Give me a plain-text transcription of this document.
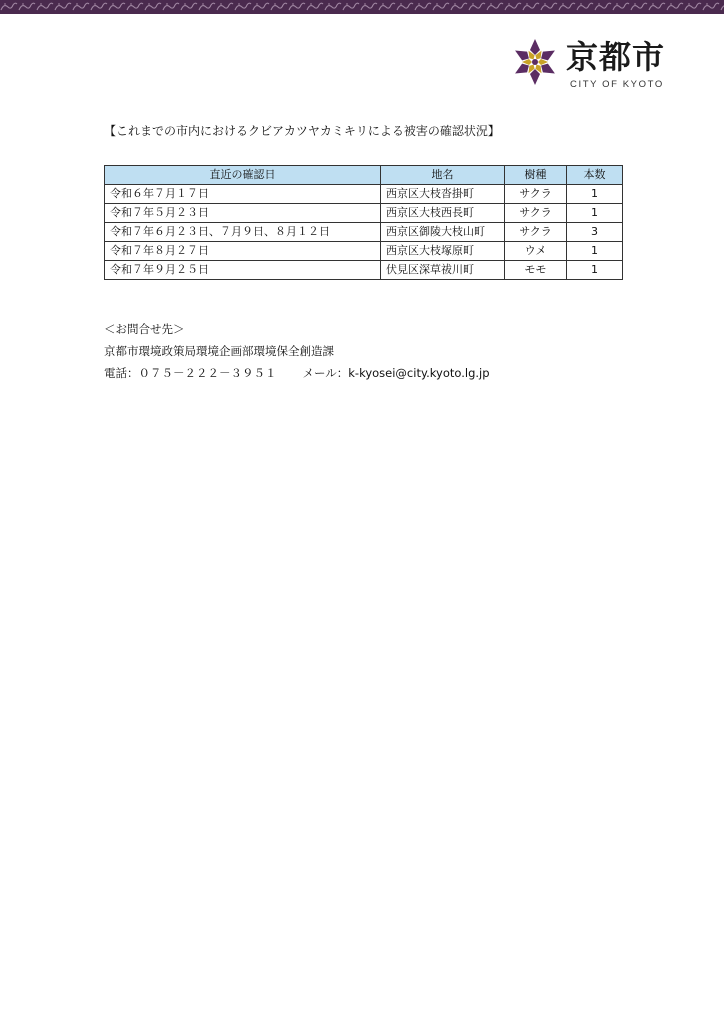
京都市
CITY OF KYOTO
【これまでの市内におけるクビアカツヤカミキリによる被害の確認状況】
直近の確認日	地名	樹種	本数
令和６年７月１７日	西京区大枝沓掛町	サクラ	1
令和７年５月２３日	西京区大枝西長町	サクラ	1
令和７年６月２３日、７月９日、８月１２日	西京区御陵大枝山町	サクラ	3
令和７年８月２７日	西京区大枝塚原町	ウメ	1
令和７年９月２５日	伏見区深草祓川町	モモ	1
＜お問合せ先＞
京都市環境政策局環境企画部環境保全創造課
電話：０７５－２２２－３９５１ メール：k-kyosei@city.kyoto.lg.jp
